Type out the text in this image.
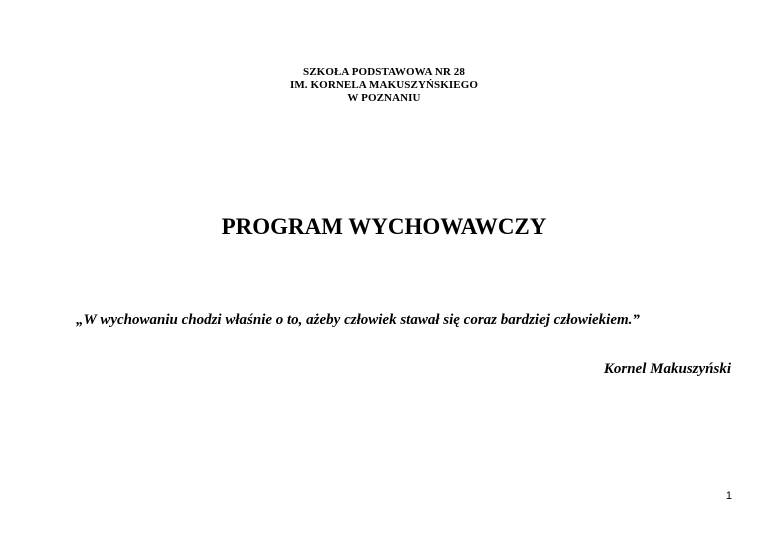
SZKOŁA PODSTAWOWA NR 28
IM. KORNELA MAKUSZYŃSKIEGO
W POZNANIU
PROGRAM WYCHOWAWCZY
„W wychowaniu chodzi właśnie o to, ażeby człowiek stawał się coraz bardziej człowiekiem.”
Kornel Makuszyński
1
